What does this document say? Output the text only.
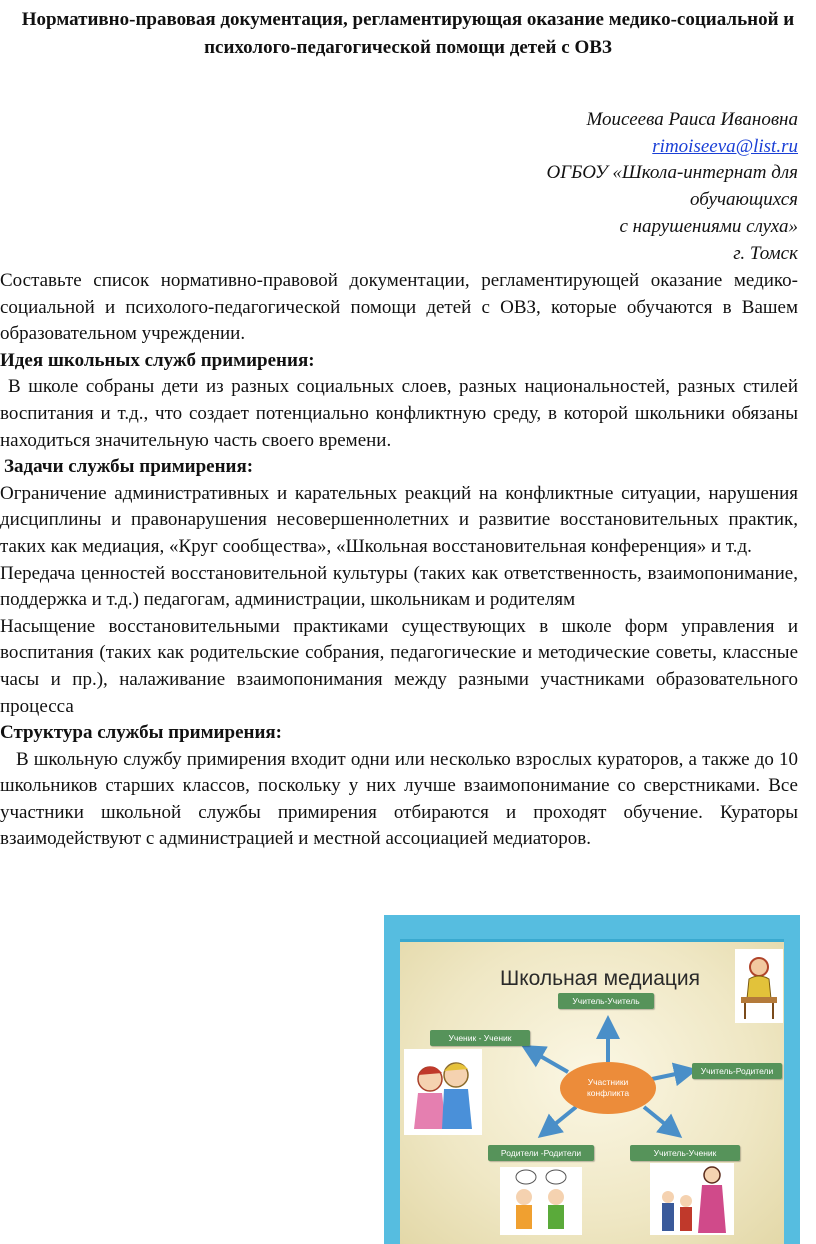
Нормативно-правовая документация, регламентирующая оказание медико-социальной и психолого-педагогической помощи детей с ОВЗ
Моисеева Раиса Ивановна
rimoiseeva@list.ru
ОГБОУ «Школа-интернат для
обучающихся
с нарушениями слуха»
г. Томск

Составьте список нормативно-правовой документации, регламентирующей оказание медико-социальной и психолого-педагогической помощи детей с ОВЗ, которые обучаются в Вашем образовательном учреждении.

Идея школьных служб примирения:

В школе собраны дети из разных социальных слоев, разных национальностей, разных стилей воспитания и т.д., что создает потенциально конфликтную среду, в которой школьники обязаны находиться значительную часть своего времени.

Задачи службы примирения:

Ограничение административных и карательных реакций на конфликтные ситуации, нарушения дисциплины и правонарушения несовершеннолетних и развитие восстановительных практик, таких как медиация, «Круг сообщества», «Школьная восстановительная конференция» и т.д.

Передача ценностей восстановительной культуры (таких как ответственность, взаимопонимание, поддержка и т.д.) педагогам, администрации, школьникам и родителям

Насыщение восстановительными практиками существующих в школе форм управления и воспитания (таких как родительские собрания, педагогические и методические советы, классные часы и пр.), налаживание взаимопонимания между разными участниками образовательного процесса

Структура службы примирения:

В школьную службу примирения входит одни или несколько взрослых кураторов, а также до 10 школьников старших классов, поскольку у них лучше взаимопонимание со сверстниками. Все участники школьной службы примирения отбираются и проходят обучение. Кураторы взаимодействуют с администрацией и местной ассоциацией медиаторов.

Школьная медиация
Учитель-Учитель
Ученик - Ученик
Учитель-Родители
Родители -Родители	Учитель-Ученик
Участники
конфликта
